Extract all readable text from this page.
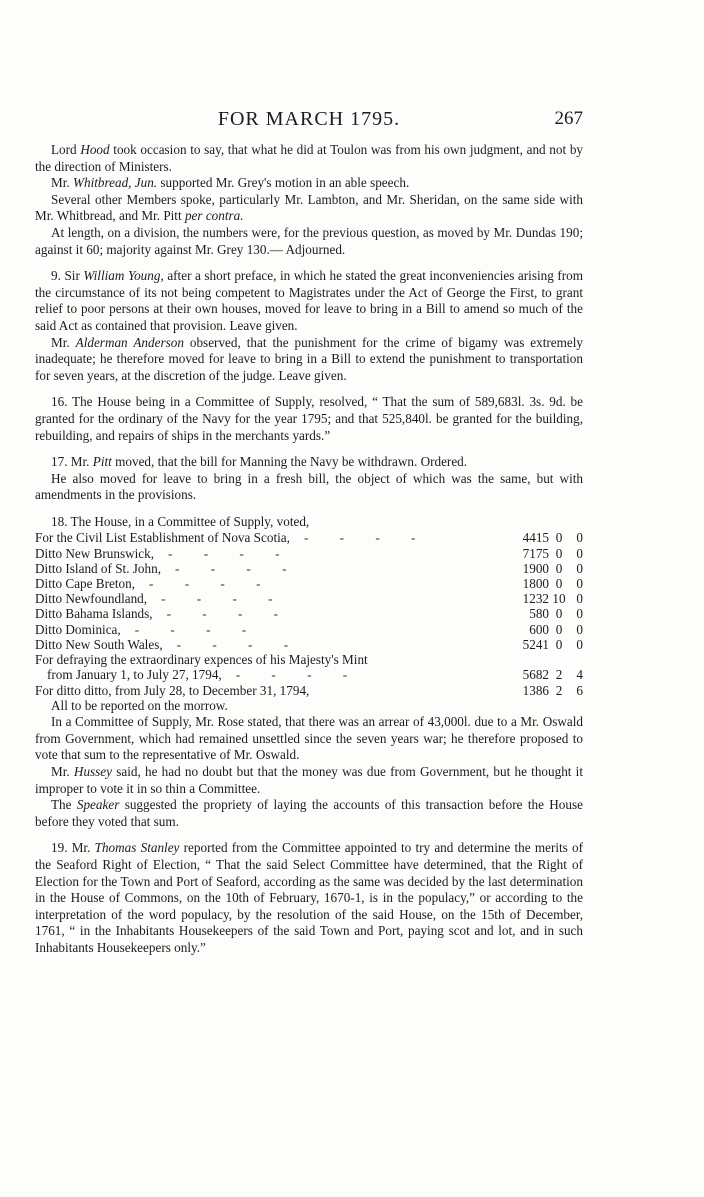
FOR MARCH 1795.	267

Lord Hood took occasion to say, that what he did at Toulon was from his own judgment, and not by the direction of Ministers.

Mr. Whitbread, Jun. supported Mr. Grey's motion in an able speech.

Several other Members spoke, particularly Mr. Lambton, and Mr. Sheridan, on the same side with Mr. Whitbread, and Mr. Pitt per contra.

At length, on a division, the numbers were, for the previous question, as moved by Mr. Dundas 190; against it 60; majority against Mr. Grey 130.— Adjourned.

9. Sir William Young, after a short preface, in which he stated the great inconveniencies arising from the circumstance of its not being competent to Magistrates under the Act of George the First, to grant relief to poor persons at their own houses, moved for leave to bring in a Bill to amend so much of the said Act as contained that provision. Leave given.

Mr. Alderman Anderson observed, that the punishment for the crime of bigamy was extremely inadequate; he therefore moved for leave to bring in a Bill to extend the punishment to transportation for seven years, at the discretion of the judge. Leave given.

16. The House being in a Committee of Supply, resolved, “ That the sum of 589,683l. 3s. 9d. be granted for the ordinary of the Navy for the year 1795; and that 525,840l. be granted for the building, rebuilding, and repairs of ships in the merchants yards.”

17. Mr. Pitt moved, that the bill for Manning the Navy be withdrawn. Ordered.

He also moved for leave to bring in a fresh bill, the object of which was the same, but with amendments in the provisions.

18. The House, in a Committee of Supply, voted,

For the Civil List Establishment of Nova Scotia, - - - -	4415	0	0
Ditto New Brunswick, - - - -	7175	0	0
Ditto Island of St. John, - - - -	1900	0	0
Ditto Cape Breton, - - - -	1800	0	0
Ditto Newfoundland, - - - -	1232	10	0
Ditto Bahama Islands, - - - -	580	0	0
Ditto Dominica, - - - -	600	0	0
Ditto New South Wales, - - - -	5241	0	0
For defraying the extraordinary expences of his Majesty's Mint			
from January 1, to July 27, 1794, - - - -	5682	2	4
For ditto ditto, from July 28, to December 31, 1794,	1386	2	6

All to be reported on the morrow.

In a Committee of Supply, Mr. Rose stated, that there was an arrear of 43,000l. due to a Mr. Oswald from Government, which had remained unsettled since the seven years war; he therefore proposed to vote that sum to the representative of Mr. Oswald.

Mr. Hussey said, he had no doubt but that the money was due from Government, but he thought it improper to vote it in so thin a Committee.

The Speaker suggested the propriety of laying the accounts of this transaction before the House before they voted that sum.

19. Mr. Thomas Stanley reported from the Committee appointed to try and determine the merits of the Seaford Right of Election, “ That the said Select Committee have determined, that the Right of Election for the Town and Port of Seaford, according as the same was decided by the last determination in the House of Commons, on the 10th of February, 1670-1, is in the populacy,” or according to the interpretation of the word populacy, by the resolution of the said House, on the 15th of December, 1761, “ in the Inhabitants Housekeepers of the said Town and Port, paying scot and lot, and in such Inhabitants Housekeepers only.”
